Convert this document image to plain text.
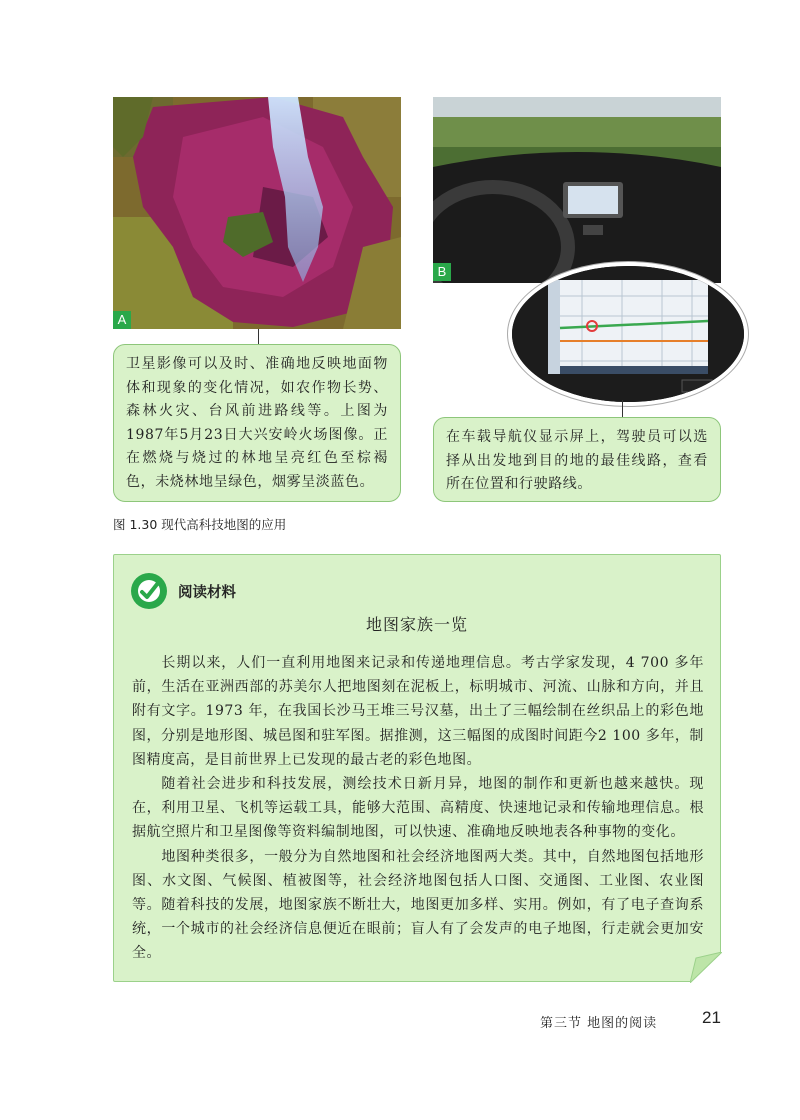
A
B
卫星影像可以及时、准确地反映地面物体和现象的变化情况，如农作物长势、森林火灾、台风前进路线等。上图为1987年5月23日大兴安岭火场图像。正在燃烧与烧过的林地呈亮红色至棕褐色，未烧林地呈绿色，烟雾呈淡蓝色。
在车载导航仪显示屏上，驾驶员可以选择从出发地到目的地的最佳线路，查看所在位置和行驶路线。
图 1.30 现代高科技地图的应用
阅读材料
地图家族一览

长期以来，人们一直利用地图来记录和传递地理信息。考古学家发现，4 700 多年前，生活在亚洲西部的苏美尔人把地图刻在泥板上，标明城市、河流、山脉和方向，并且附有文字。1973 年，在我国长沙马王堆三号汉墓，出土了三幅绘制在丝织品上的彩色地图，分别是地形图、城邑图和驻军图。据推测，这三幅图的成图时间距今2 100 多年，制图精度高，是目前世界上已发现的最古老的彩色地图。

随着社会进步和科技发展，测绘技术日新月异，地图的制作和更新也越来越快。现在，利用卫星、飞机等运载工具，能够大范围、高精度、快速地记录和传输地理信息。根据航空照片和卫星图像等资料编制地图，可以快速、准确地反映地表各种事物的变化。

地图种类很多，一般分为自然地图和社会经济地图两大类。其中，自然地图包括地形图、水文图、气候图、植被图等，社会经济地图包括人口图、交通图、工业图、农业图等。随着科技的发展，地图家族不断壮大，地图更加多样、实用。例如，有了电子查询系统，一个城市的社会经济信息便近在眼前；盲人有了会发声的电子地图，行走就会更加安全。

第三节 地图的阅读	21
